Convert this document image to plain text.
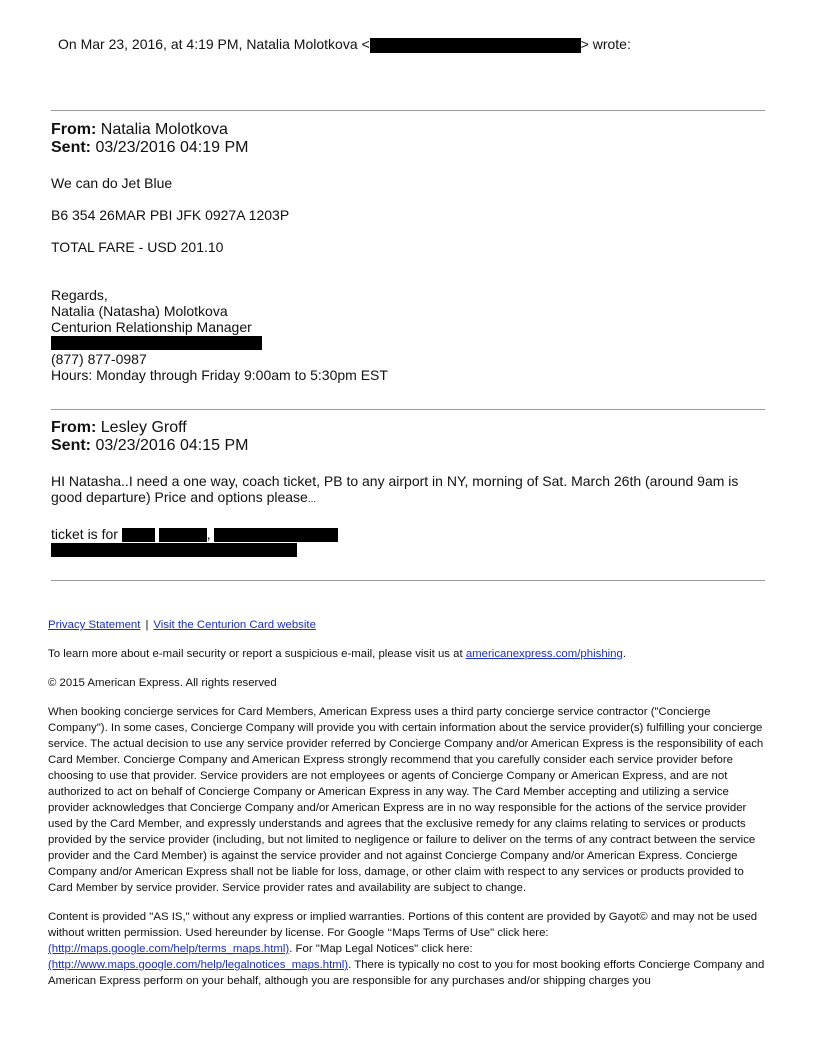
On Mar 23, 2016, at 4:19 PM, Natalia Molotkova <	> wrote:
From: Natalia Molotkova
Sent: 03/23/2016 04:19 PM

We can do Jet Blue

B6 354 26MAR PBI JFK 0927A 1203P

TOTAL FARE - USD 201.10

Regards,

Natalia (Natasha) Molotkova

Centurion Relationship Manager

(877) 877-0987

Hours: Monday through Friday 9:00am to 5:30pm EST

From: Lesley Groff
Sent: 03/23/2016 04:15 PM

HI Natasha..I need a one way, coach ticket, PB to any airport in NY, morning of Sat. March 26th (around 9am is good departure) Price and options please...

ticket is for	,

Privacy Statement | Visit the Centurion Card website

To learn more about e-mail security or report a suspicious e-mail, please visit us at americanexpress.com/phishing.

© 2015 American Express. All rights reserved

When booking concierge services for Card Members, American Express uses a third party concierge service contractor ("Concierge Company"). In some cases, Concierge Company will provide you with certain information about the service provider(s) fulfilling your concierge service. The actual decision to use any service provider referred by Concierge Company and/or American Express is the responsibility of each Card Member. Concierge Company and American Express strongly recommend that you carefully consider each service provider before choosing to use that provider. Service providers are not employees or agents of Concierge Company or American Express, and are not authorized to act on behalf of Concierge Company or American Express in any way. The Card Member accepting and utilizing a service provider acknowledges that Concierge Company and/or American Express are in no way responsible for the actions of the service provider used by the Card Member, and expressly understands and agrees that the exclusive remedy for any claims relating to services or products provided by the service provider (including, but not limited to negligence or failure to deliver on the terms of any contract between the service provider and the Card Member) is against the service provider and not against Concierge Company and/or American Express. Concierge Company and/or American Express shall not be liable for loss, damage, or other claim with respect to any services or products provided to Card Member by service provider. Service provider rates and availability are subject to change.

Content is provided "AS IS," without any express or implied warranties. Portions of this content are provided by Gayot© and may not be used without written permission. Used hereunder by license. For Google ‘‘Maps Terms of Use" click here: (http://maps.google.com/help/terms_maps.html). For "Map Legal Notices" click here: (http://www.maps.google.com/help/legalnotices_maps.html). There is typically no cost to you for most booking efforts Concierge Company and American Express perform on your behalf, although you are responsible for any purchases and/or shipping charges you
